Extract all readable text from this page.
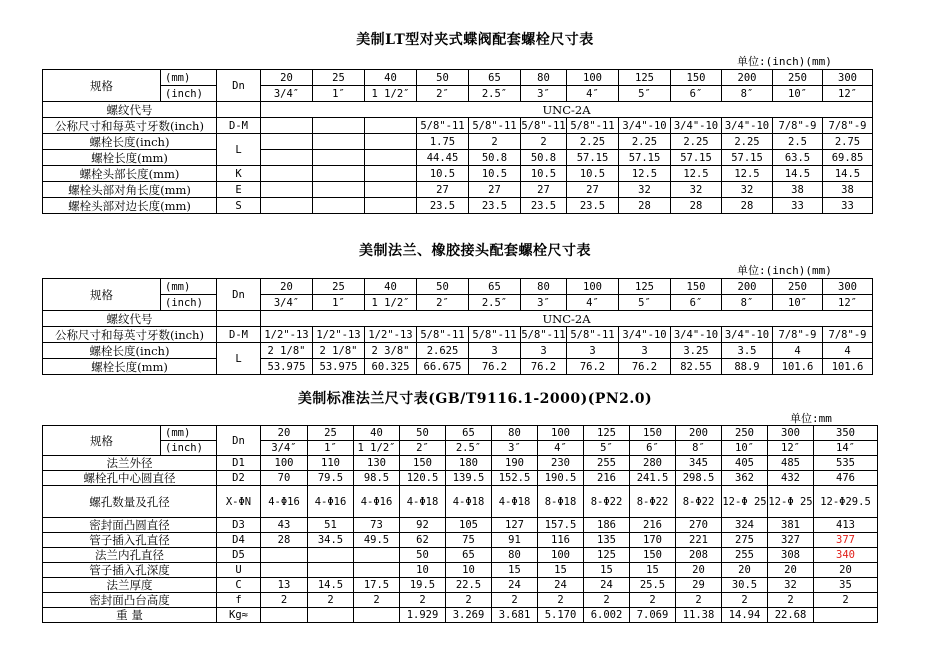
美制LT型对夹式蝶阀配套螺栓尺寸表
单位:(inch)(mm)
规格	(mm)	Dn	20	25	40	50	65	80	100	125	150	200	250	300
	(inch)		3/4″	1″	1 1/2″	2″	2.5″	3″	4″	5″	6″	8″	10″	12″
螺纹代号			UNC-2A											
公称尺寸和每英寸牙数(inch)		D-M				5/8"-11	5/8"-11	5/8"-11	5/8"-11	3/4"-10	3/4"-10	3/4"-10	7/8"-9	7/8"-9
螺栓长度(inch)		L				1.75	2	2	2.25	2.25	2.25	2.25	2.5	2.75
螺栓长度(mm)						44.45	50.8	50.8	57.15	57.15	57.15	57.15	63.5	69.85
螺栓头部长度(mm)		K				10.5	10.5	10.5	10.5	12.5	12.5	12.5	14.5	14.5
螺栓头部对角长度(mm)		E				27	27	27	27	32	32	32	38	38
螺栓头部对边长度(mm)		S				23.5	23.5	23.5	23.5	28	28	28	33	33
美制法兰、橡胶接头配套螺栓尺寸表
单位:(inch)(mm)
规格	(mm)	Dn	20	25	40	50	65	80	100	125	150	200	250	300
	(inch)		3/4″	1″	1 1/2″	2″	2.5″	3″	4″	5″	6″	8″	10″	12″
螺纹代号			UNC-2A											
公称尺寸和每英寸牙数(inch)		D-M	1/2"-13	1/2"-13	1/2"-13	5/8"-11	5/8"-11	5/8"-11	5/8"-11	3/4"-10	3/4"-10	3/4"-10	7/8"-9	7/8"-9
螺栓长度(inch)		L	2 1/8"	2 1/8"	2 3/8"	2.625	3	3	3	3	3.25	3.5	4	4
螺栓长度(mm)			53.975	53.975	60.325	66.675	76.2	76.2	76.2	76.2	82.55	88.9	101.6	101.6
美制标准法兰尺寸表(GB/T9116.1-2000)(PN2.0)
单位:mm
规格	(mm)	Dn	20	25	40	50	65	80	100	125	150	200	250	300	350
	(inch)		3/4″	1″	1 1/2″	2″	2.5″	3″	4″	5″	6″	8″	10″	12″	14″
法兰外径		D1	100	110	130	150	180	190	230	255	280	345	405	485	535
螺栓孔中心圆直径		D2	70	79.5	98.5	120.5	139.5	152.5	190.5	216	241.5	298.5	362	432	476
螺孔数量及孔径		X-ΦN	4-Φ16	4-Φ16	4-Φ16	4-Φ18	4-Φ18	4-Φ18	8-Φ18	8-Φ22	8-Φ22	8-Φ22	12-Φ 25	12-Φ 25	12-Φ29.5
密封面凸圆直径		D3	43	51	73	92	105	127	157.5	186	216	270	324	381	413
管子插入孔直径		D4	28	34.5	49.5	62	75	91	116	135	170	221	275	327	377
法兰内孔直径		D5				50	65	80	100	125	150	208	255	308	340
管子插入孔深度		U				10	10	15	15	15	15	20	20	20	20
法兰厚度		C	13	14.5	17.5	19.5	22.5	24	24	24	25.5	29	30.5	32	35
密封面凸台高度		f	2	2	2	2	2	2	2	2	2	2	2	2	2
重 量		Kg≈				1.929	3.269	3.681	5.170	6.002	7.069	11.38	14.94	22.68	
